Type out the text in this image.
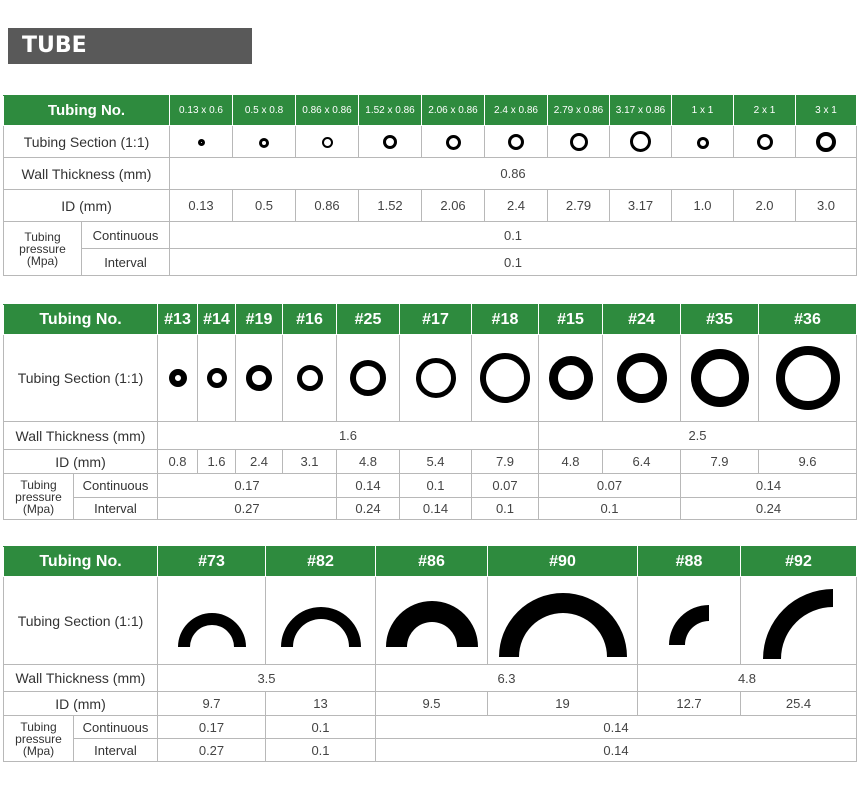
TUBE Specification
Tubing No.		0.13 x 0.6	0.5 x 0.8	0.86 x 0.86	1.52 x 0.86	2.06 x 0.86	2.4 x 0.86	2.79 x 0.86	3.17 x 0.86	1 x 1	2 x 1	3 x 1
Tubing Section (1:1)												
Wall Thickness (mm)		0.86										
ID (mm)		0.13	0.5	0.86	1.52	2.06	2.4	2.79	3.17	1.0	2.0	3.0
Tubing pressure (Mpa)	Continuous	0.1										
	Interval	0.1										
Tubing No.		#13	#14	#19	#16	#25	#17	#18	#15	#24	#35	#36
Tubing Section (1:1)												
Wall Thickness (mm)		1.6							2.5			
ID (mm)		0.8	1.6	2.4	3.1	4.8	5.4	7.9	4.8	6.4	7.9	9.6
Tubing pressure (Mpa)	Continuous	0.17				0.14	0.1	0.07	0.07		0.14	
	Interval	0.27				0.24	0.14	0.1	0.1		0.24	
Tubing No.		#73	#82	#86	#90	#88	#92
Tubing Section (1:1)	

Wall Thickness (mm)		3.5		6.3		4.8	
ID (mm)		9.7	13	9.5	19	12.7	25.4
Tubing pressure (Mpa)	Continuous	0.17	0.1	0.14			
	Interval	0.27	0.1	0.14			
